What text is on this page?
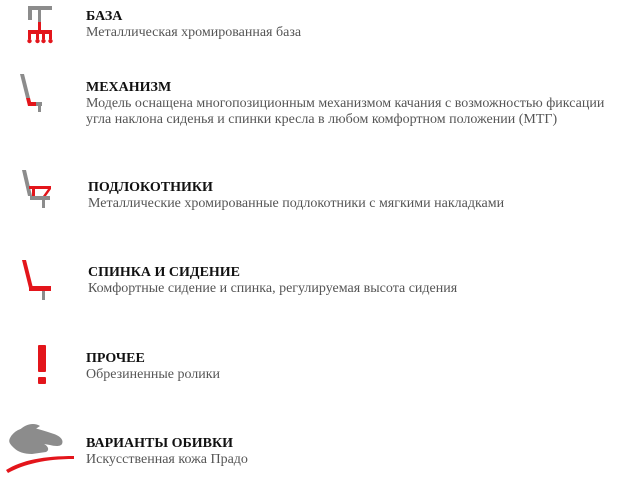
БАЗА
Металлическая хромированная база
МЕХАНИЗМ
Модель оснащена многопозиционным механизмом качания с возможностью фиксации угла наклона сиденья и спинки кресла в любом комфортном положении (МТГ)
ПОДЛОКОТНИКИ
Металлические хромированные подлокотники с мягкими накладками
СПИНКА И СИДЕНИЕ
Комфортные сидение и спинка, регулируемая высота сидения
ПРОЧЕЕ
Обрезиненные ролики
ВАРИАНТЫ ОБИВКИ
Искусственная кожа Прадо
